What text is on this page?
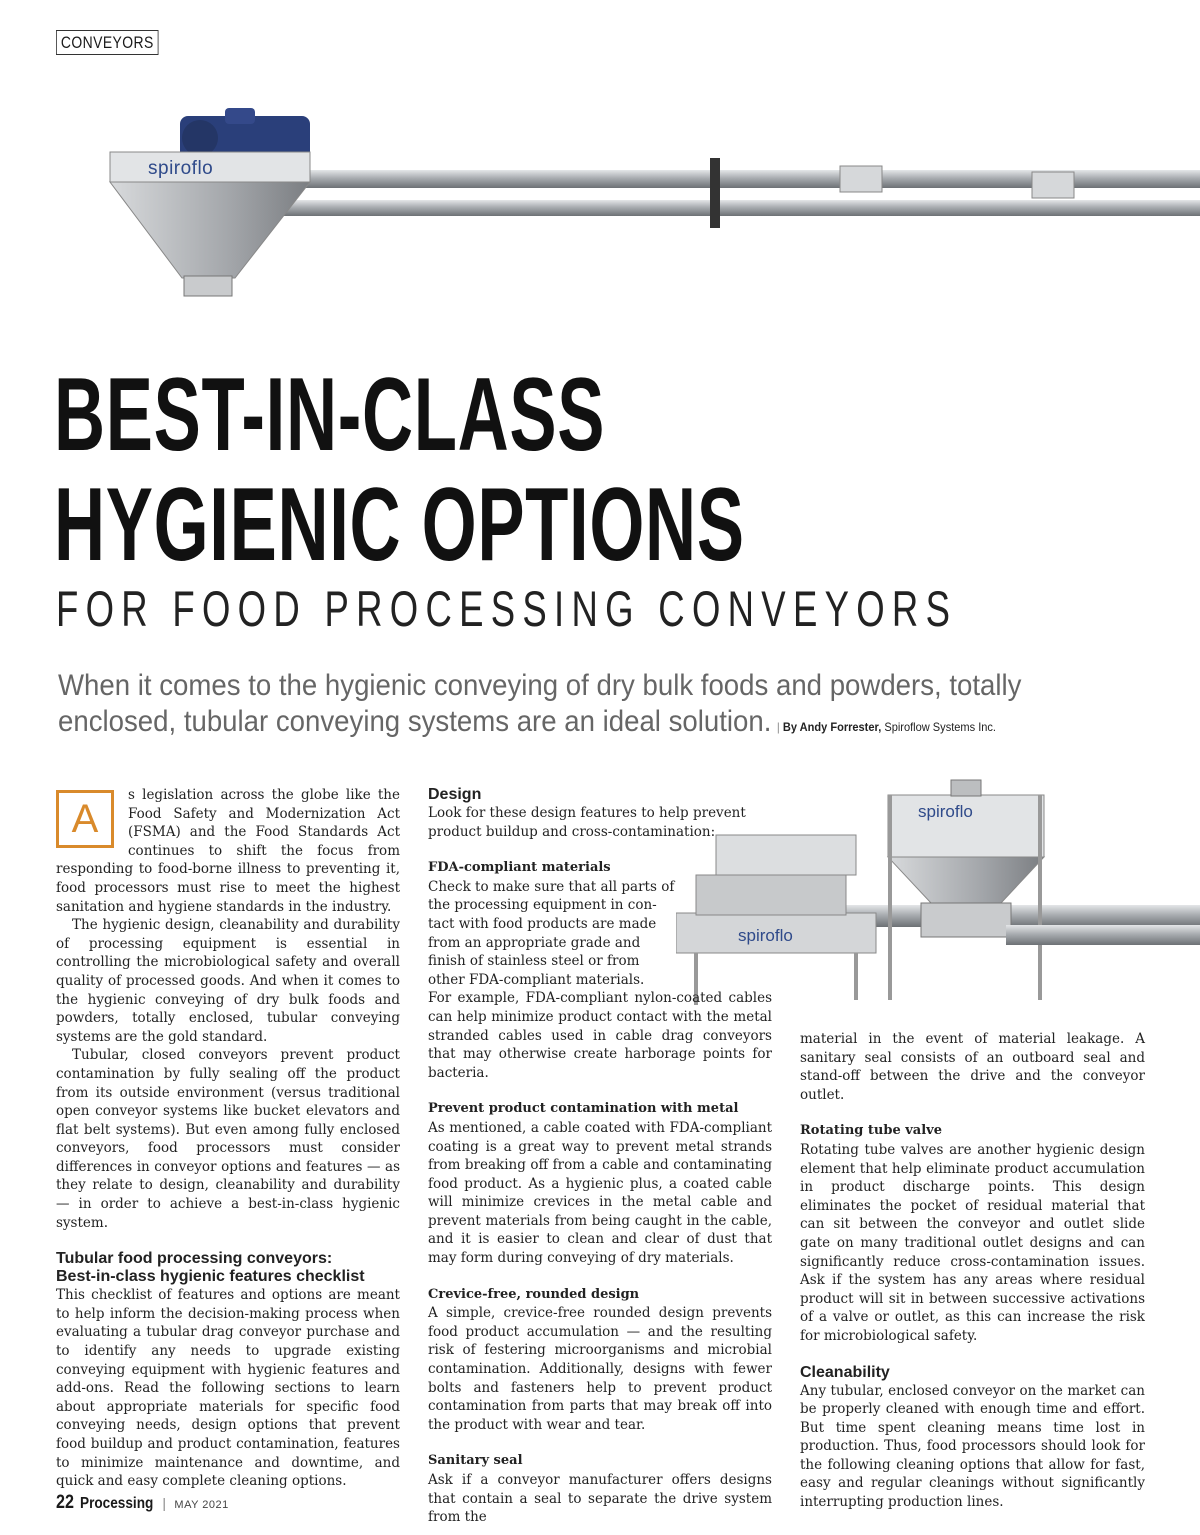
CONVEYORS
spiroflo
BEST-IN-CLASS
HYGIENIC OPTIONS
FOR FOOD PROCESSING CONVEYORS
When it comes to the hygienic conveying of dry bulk foods and powders, totally enclosed, tubular conveying systems are an ideal solution. | By Andy Forrester, Spiroflow Systems Inc.
A

s legislation across the globe like the Food Safety and Modernization Act (FSMA) and the Food Standards Act continues to shift the focus from responding to food-borne illness to preventing it, food processors must rise to meet the highest sanitation and hygiene standards in the industry.

The hygienic design, cleanability and durability of processing equipment is essential in controlling the microbiological safety and overall quality of processed goods. And when it comes to the hygienic conveying of dry bulk foods and powders, totally enclosed, tubular conveying systems are the gold standard.

Tubular, closed conveyors prevent product contamination by fully sealing off the product from its outside environment (versus traditional open conveyor systems like bucket elevators and flat belt systems). But even among fully enclosed conveyors, food processors must consider differences in conveyor options and features — as they relate to design, cleanability and durability — in order to achieve a best-in-class hygienic system.

Tubular food processing conveyors:
Best-in-class hygienic features checklist

This checklist of features and options are meant to help inform the decision-making process when evaluating a tubular drag conveyor purchase and to identify any needs to upgrade existing conveying equipment with hygienic features and add-ons. Read the following sections to learn about appropriate materials for specific food conveying needs, design options that prevent food buildup and product contamination, features to minimize maintenance and downtime, and quick and easy complete cleaning options.

spiroflo
spiroflo
Design

Look for these design features to help prevent product buildup and cross-contamination:

FDA-compliant materials
Check to make sure that all parts of
the processing equipment in con-
tact with food products are made
from an appropriate grade and
finish of stainless steel or from
other FDA-compliant materials.

For example, FDA-compliant nylon-coated cables can help minimize product contact with the metal stranded cables used in cable drag conveyors that may otherwise create harborage points for bacteria.

Prevent product contamination with metal

As mentioned, a cable coated with FDA-compliant coating is a great way to prevent metal strands from breaking off from a cable and contaminating food product. As a hygienic plus, a coated cable will minimize crevices in the metal cable and prevent materials from being caught in the cable, and it is easier to clean and clear of dust that may form during conveying of dry materials.

Crevice-free, rounded design

A simple, crevice-free rounded design prevents food product accumulation — and the resulting risk of festering microorganisms and microbial contamination. Additionally, designs with fewer bolts and fasteners help to prevent product contamination from parts that may break off into the product with wear and tear.

Sanitary seal

Ask if a conveyor manufacturer offers designs that contain a seal to separate the drive system from the

material in the event of material leakage. A sanitary seal consists of an outboard seal and stand-off between the drive and the conveyor outlet.

Rotating tube valve

Rotating tube valves are another hygienic design element that help eliminate product accumulation in product discharge points. This design eliminates the pocket of residual material that can sit between the conveyor and outlet slide gate on many traditional outlet designs and can significantly reduce cross-contamination issues. Ask if the system has any areas where residual product will sit in between successive activations of a valve or outlet, as this can increase the risk for microbiological safety.

Cleanability

Any tubular, enclosed conveyor on the market can be properly cleaned with enough time and effort. But time spent cleaning means time lost in production. Thus, food processors should look for the following cleaning options that allow for fast, easy and regular cleanings without significantly interrupting production lines.

22 Processing | MAY 2021
